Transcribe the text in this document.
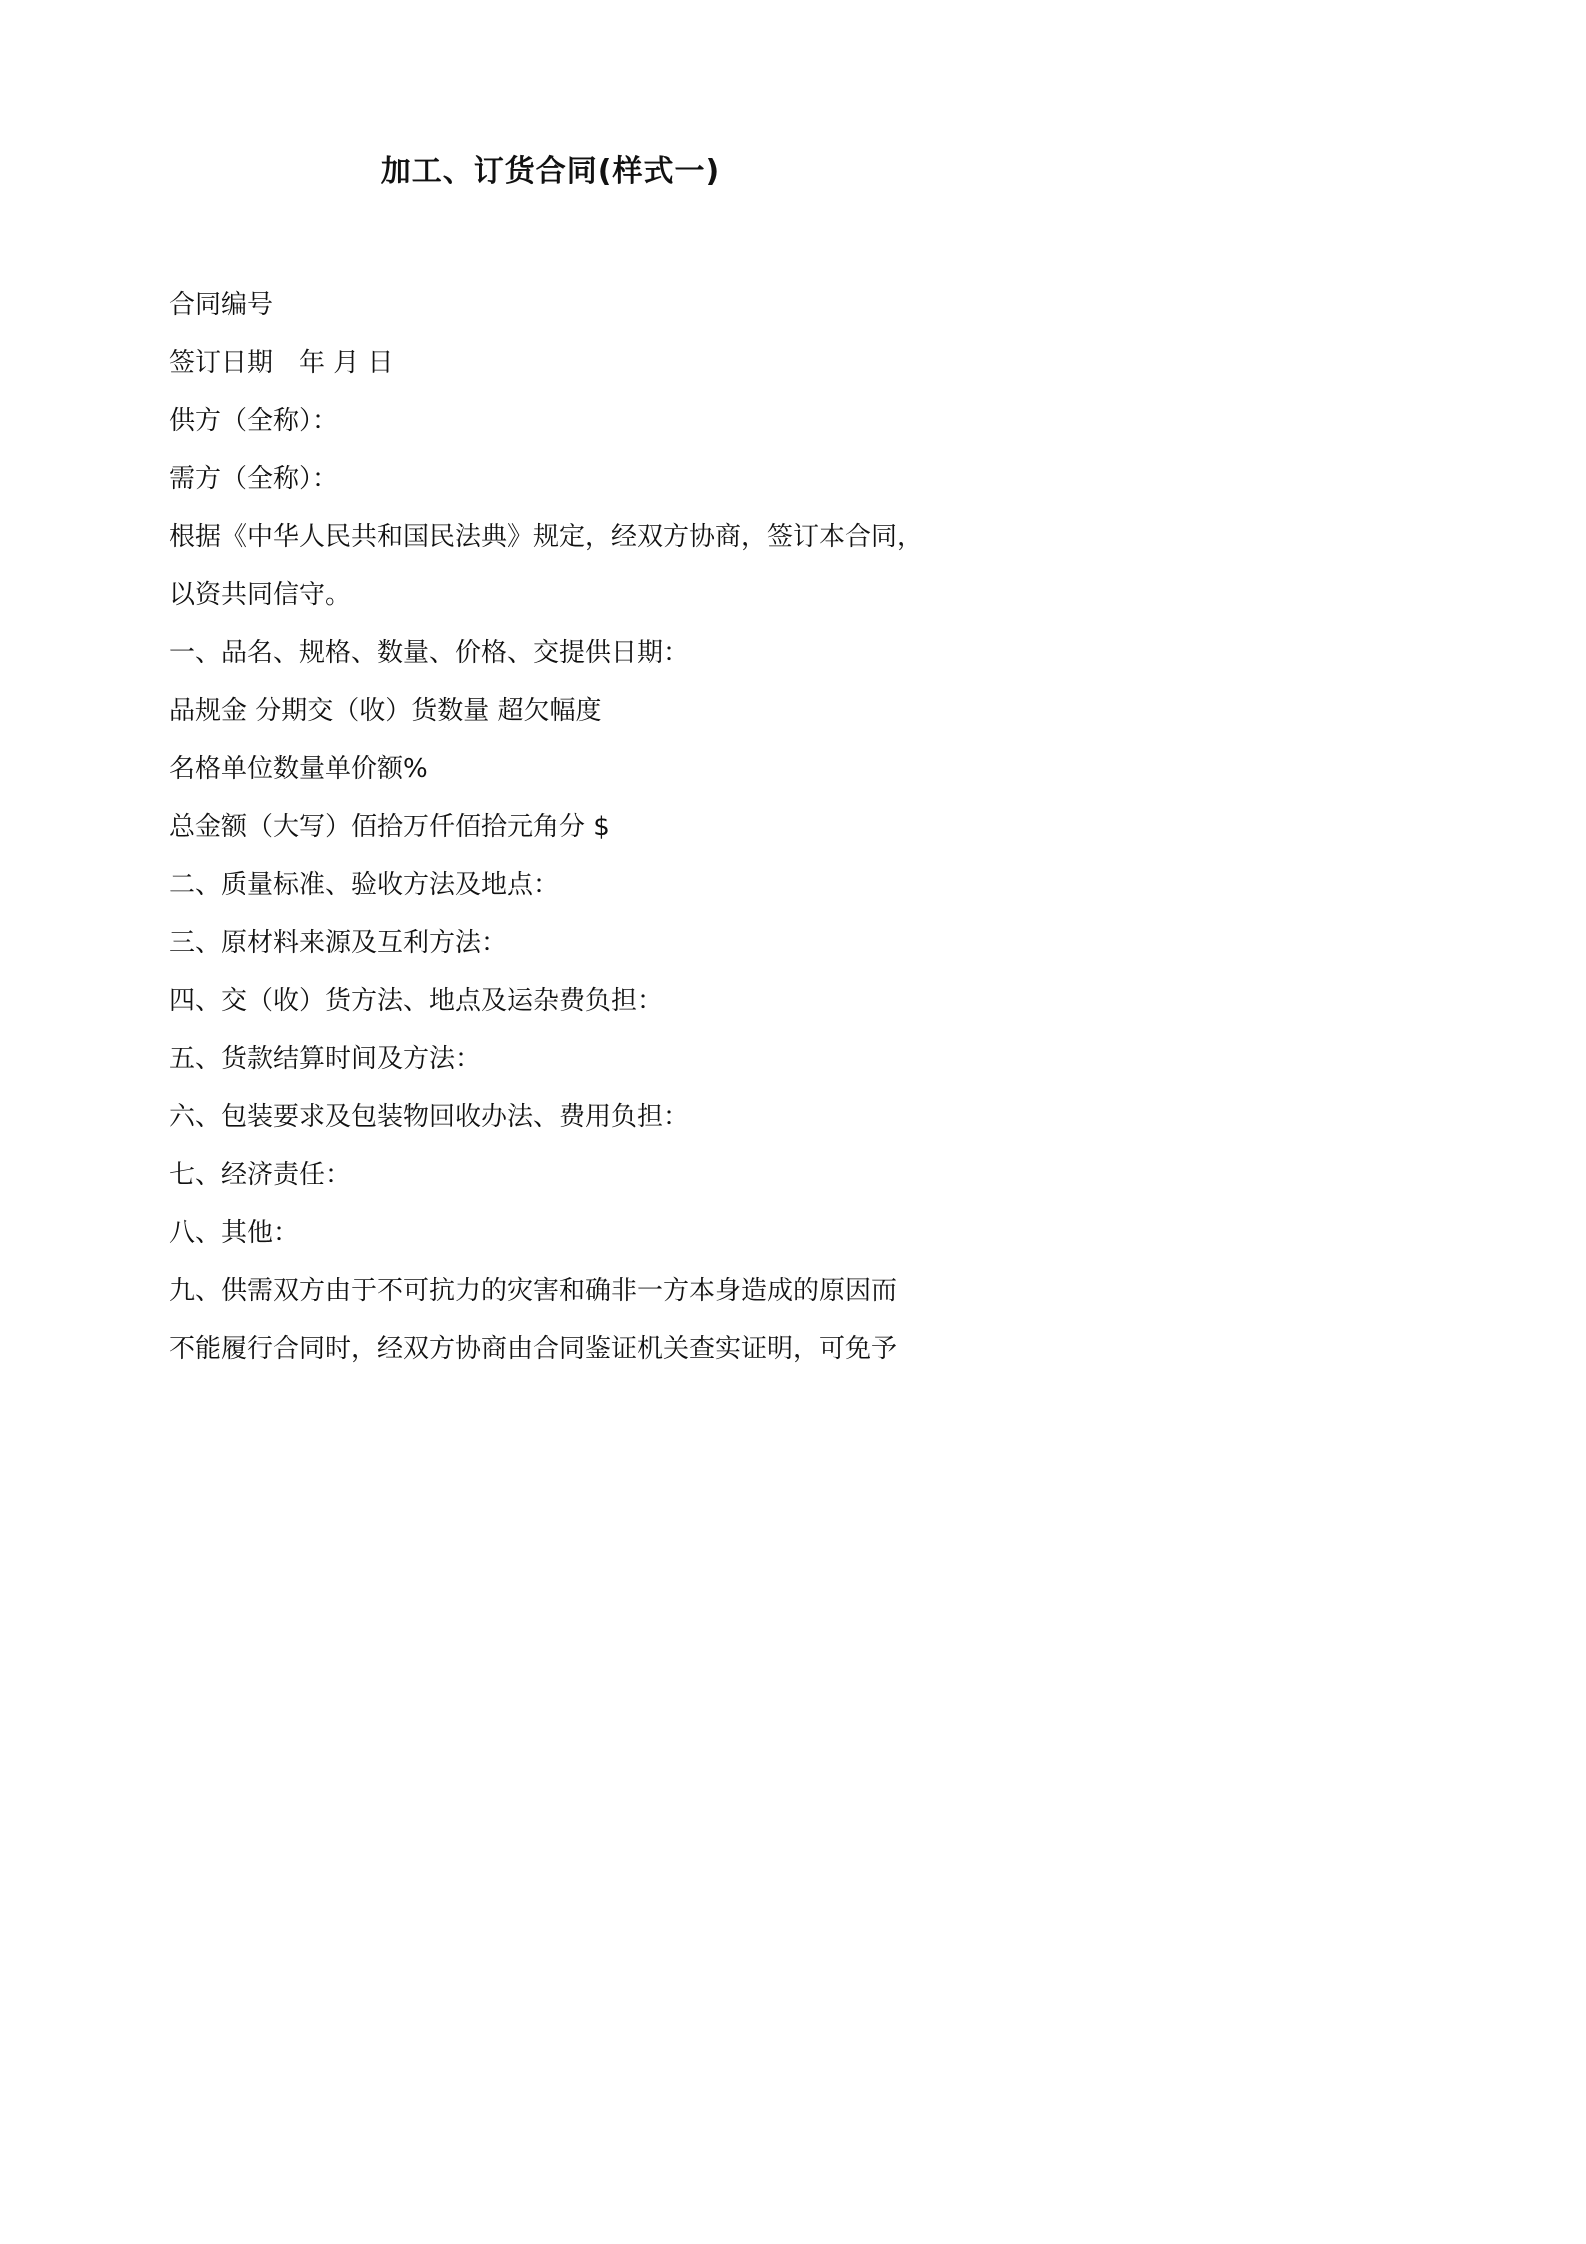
加工、订货合同(样式一)
合同编号
签订日期　年 月 日
供方（全称）：
需方（全称）：
根据《中华人民共和国民法典》规定，经双方协商，签订本合同，
以资共同信守。
一、品名、规格、数量、价格、交提供日期：
品规金 分期交（收）货数量 超欠幅度
名格单位数量单价额%
总金额（大写）佰拾万仟佰拾元角分 $
二、质量标准、验收方法及地点：
三、原材料来源及互利方法：
四、交（收）货方法、地点及运杂费负担：
五、货款结算时间及方法：
六、包装要求及包装物回收办法、费用负担：
七、经济责任：
八、其他：
九、供需双方由于不可抗力的灾害和确非一方本身造成的原因而
不能履行合同时，经双方协商由合同鉴证机关查实证明，可免予
